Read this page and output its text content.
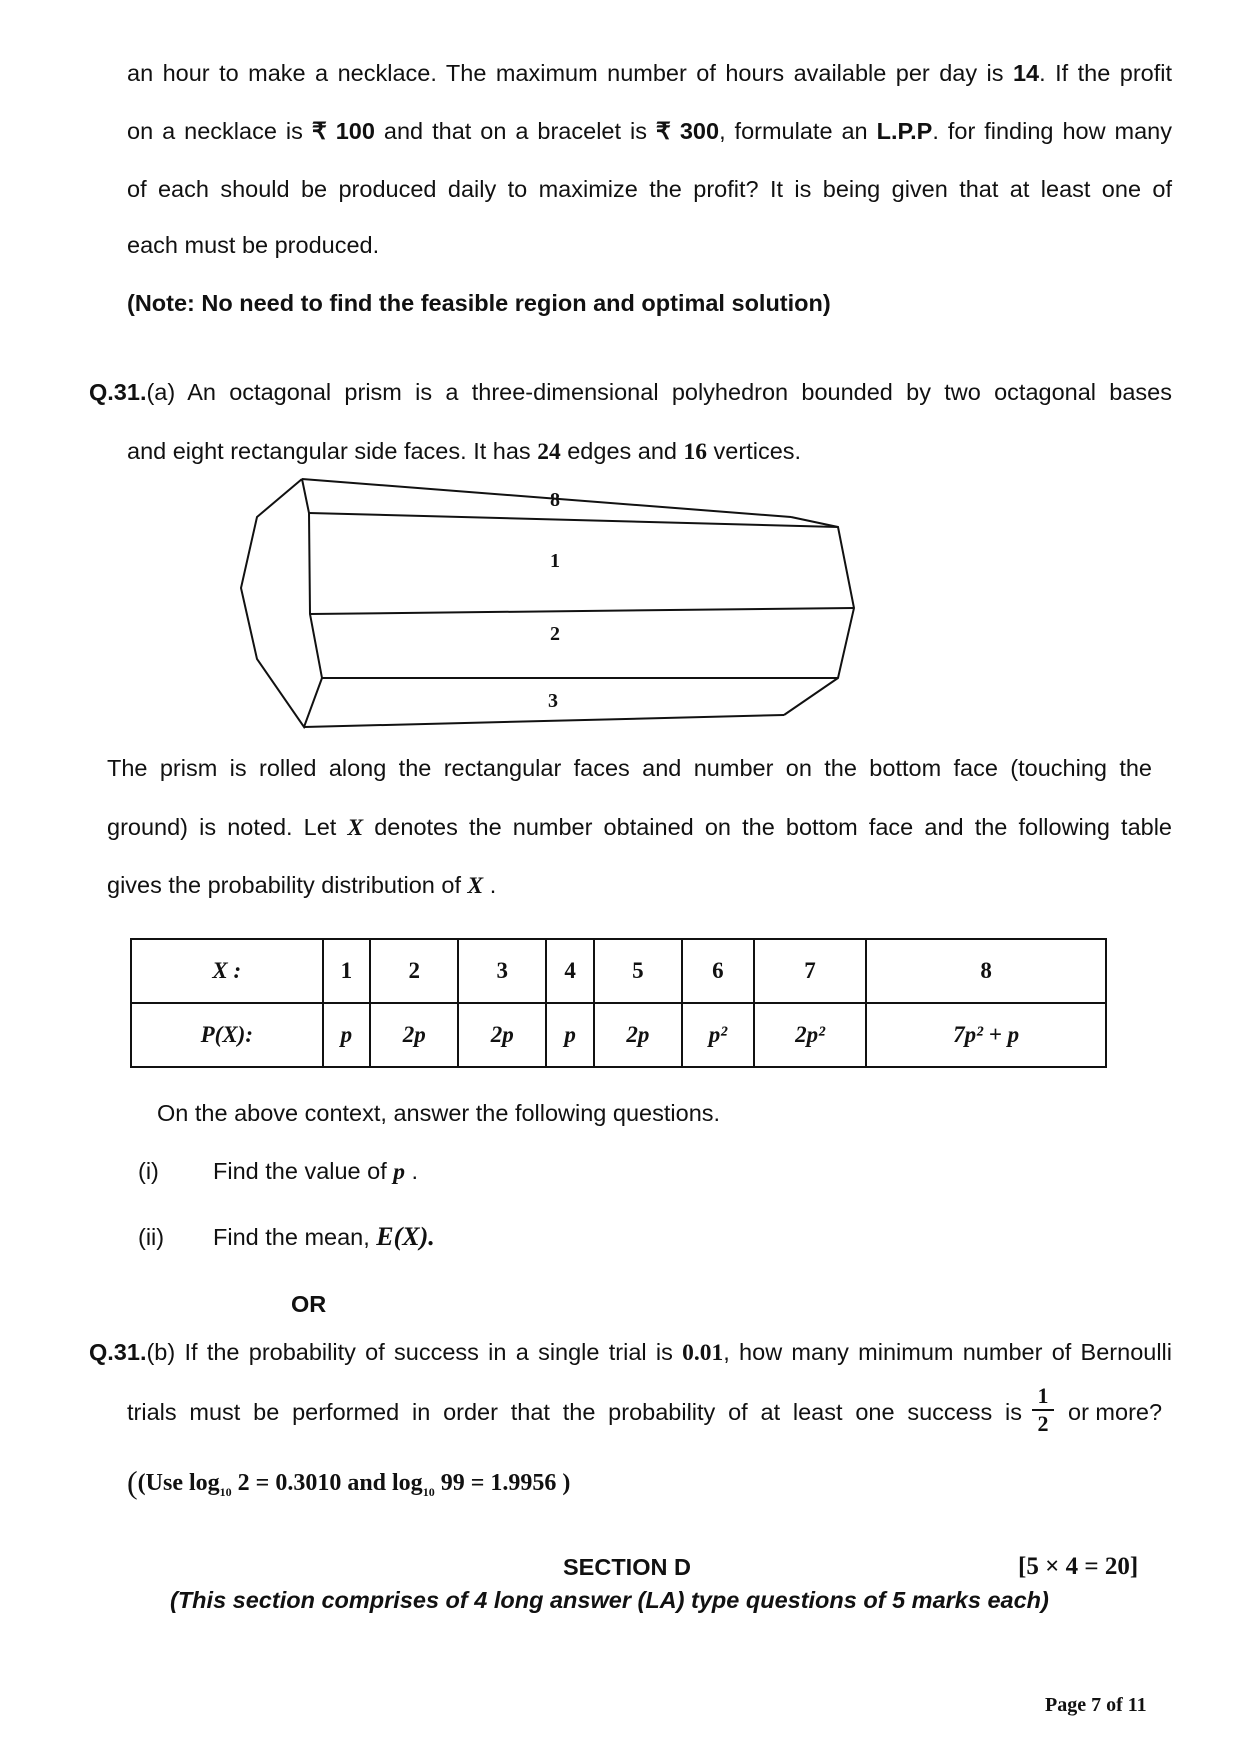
an hour to make a necklace. The maximum number of hours available per day is 14. If the profit
on a necklace is ₹ 100 and that on a bracelet is ₹ 300, formulate an L.P.P. for finding how many
of each should be produced daily to maximize the profit? It is being given that at least one of
each must be produced.
(Note: No need to find the feasible region and optimal solution)
Q.31.(a) An octagonal prism is a three-dimensional polyhedron bounded by two octagonal bases
and eight rectangular side faces. It has 24 edges and 16 vertices.
8
1
2
3
The prism is rolled along the rectangular faces and number on the bottom face (touching the
ground) is noted. Let X denotes the number obtained on the bottom face and the following table
gives the probability distribution of X .
X :	1	2	3	4	5	6	7	8
P(X):	p	2p	2p	p	2p	p²	2p²	7p² + p
On the above context, answer the following questions.
(i) Find the value of p .
(ii) Find the mean, E(X).
OR
Q.31.(b) If the probability of success in a single trial is 0.01, how many minimum number of Bernoulli
trials must be performed in order that the probability of at least one success is
1
2 or more?
((Use $\log_{10} 2 = 0.3010$ and $\log_{10} 99 = 1.9956$ )
SECTION D	[5 × 4 = 20]
(This section comprises of 4 long answer (LA) type questions of 5 marks each)
Page 7 of 11
